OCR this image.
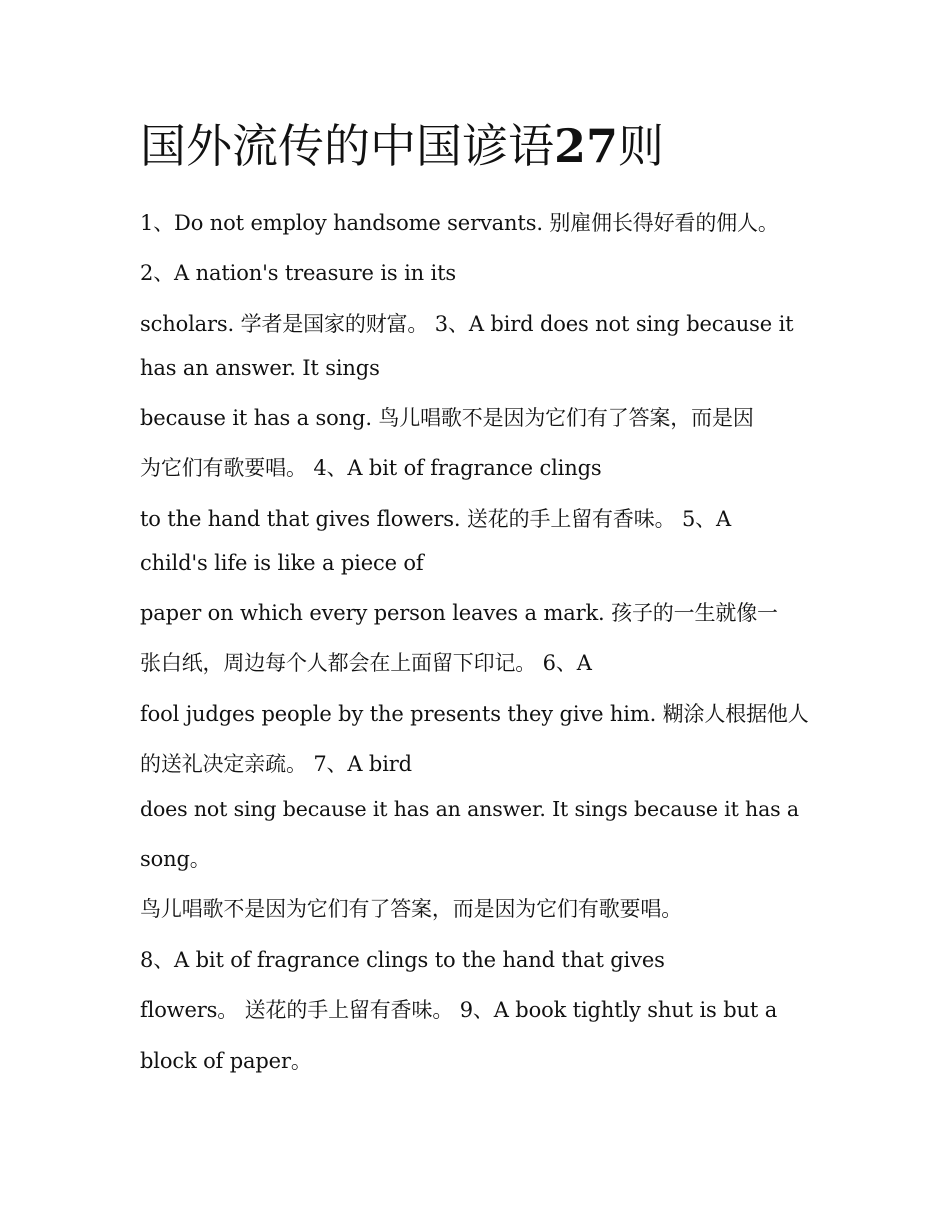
国外流传的中国谚语27则

1、Do not employ handsome servants. 别雇佣长得好看的佣人。

2、A nation's treasure is in its

scholars. 学者是国家的财富。 3、A bird does not sing because it

has an answer. It sings

because it has a song. 鸟儿唱歌不是因为它们有了答案，而是因

为它们有歌要唱。 4、A bit of fragrance clings

to the hand that gives flowers. 送花的手上留有香味。 5、A

child's life is like a piece of

paper on which every person leaves a mark. 孩子的一生就像一

张白纸，周边每个人都会在上面留下印记。 6、A

fool judges people by the presents they give him. 糊涂人根据他人

的送礼决定亲疏。 7、A bird

does not sing because it has an answer. It sings because it has a

song。

鸟儿唱歌不是因为它们有了答案，而是因为它们有歌要唱。

8、A bit of fragrance clings to the hand that gives

flowers。 送花的手上留有香味。 9、A book tightly shut is but a

block of paper。
